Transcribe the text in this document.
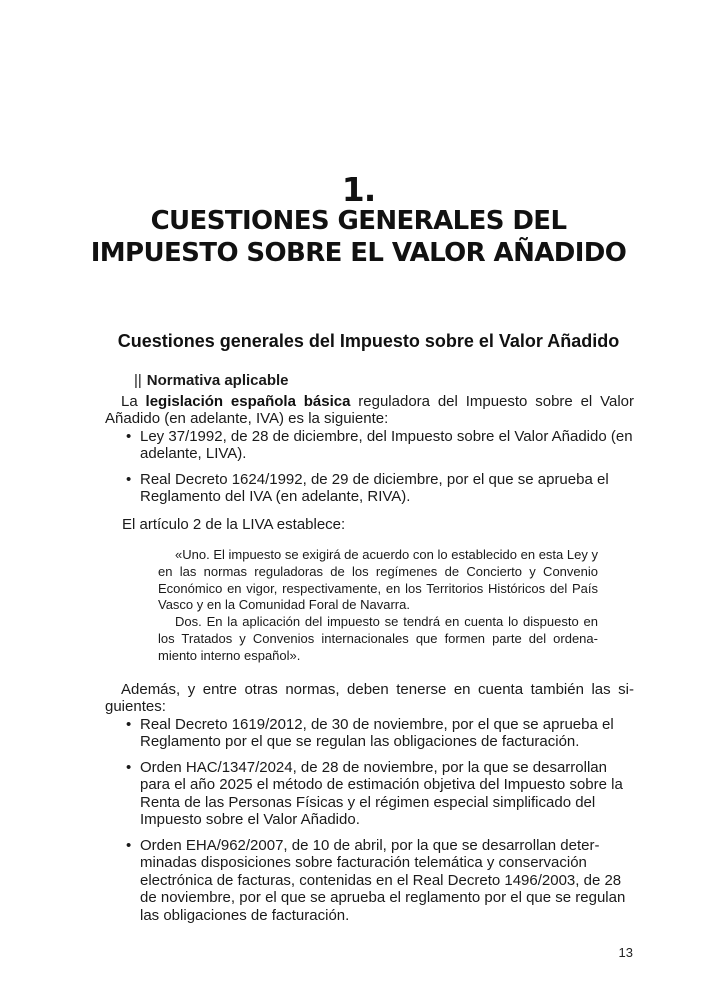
1.
CUESTIONES GENERALES DEL
IMPUESTO SOBRE EL VALOR AÑADIDO
Cuestiones generales del Impuesto sobre el Valor Añadido

|| Normativa aplicable

La legislación española básica reguladora del Impuesto sobre el Valor Añadido (en adelante, IVA) es la siguiente:

• Ley 37/1992, de 28 de diciembre, del Impuesto sobre el Valor Añadido (en adelante, LIVA).
• Real Decreto 1624/1992, de 29 de diciembre, por el que se aprueba el Reglamento del IVA (en adelante, RIVA).

El artículo 2 de la LIVA establece:

«Uno. El impuesto se exigirá de acuerdo con lo establecido en esta Ley y en las normas reguladoras de los regímenes de Concierto y Convenio Económico en vigor, respectivamente, en los Territorios Históricos del País Vasco y en la Comunidad Foral de Navarra.

Dos. En la aplicación del impuesto se tendrá en cuenta lo dispuesto en los Tratados y Convenios internacionales que formen parte del ordenamiento interno español».

Además, y entre otras normas, deben tenerse en cuenta también las siguientes:

• Real Decreto 1619/2012, de 30 de noviembre, por el que se aprueba el Reglamento por el que se regulan las obligaciones de facturación.
• Orden HAC/1347/2024, de 28 de noviembre, por la que se desarrollan para el año 2025 el método de estimación objetiva del Impuesto sobre la Renta de las Personas Físicas y el régimen especial simplificado del Impuesto sobre el Valor Añadido.
• Orden EHA/962/2007, de 10 de abril, por la que se desarrollan determinadas disposiciones sobre facturación telemática y conservación electrónica de facturas, contenidas en el Real Decreto 1496/2003, de 28 de noviembre, por el que se aprueba el reglamento por el que se regulan las obligaciones de facturación.
13
